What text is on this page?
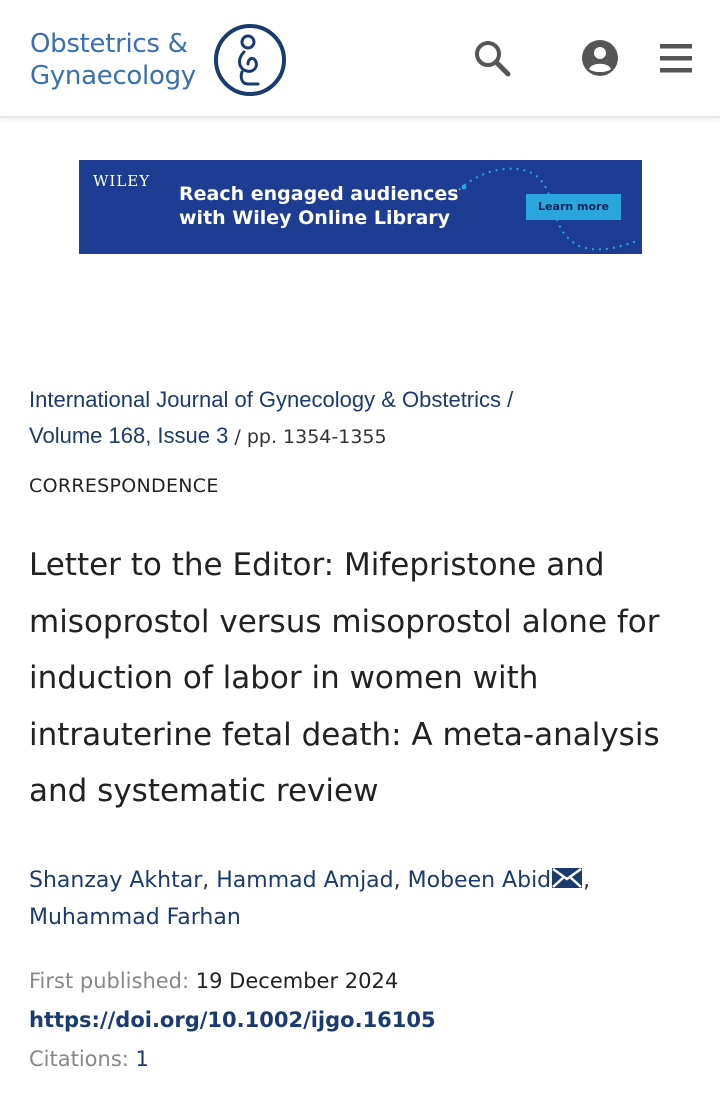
Obstetrics &
Gynaecology
WILEY
Reach engaged audiences
with Wiley Online Library
Learn more
International Journal of Gynecology & Obstetrics /
Volume 168, Issue 3 / pp. 1354-1355
CORRESPONDENCE
Letter to the Editor: Mifepristone and misoprostol versus misoprostol alone for induction of labor in women with intrauterine fetal death: A meta-analysis and systematic review
Shanzay Akhtar, Hammad Amjad, Mobeen Abid ,
Muhammad Farhan
First published: 19 December 2024
https://doi.org/10.1002/ijgo.16105
Citations: 1
